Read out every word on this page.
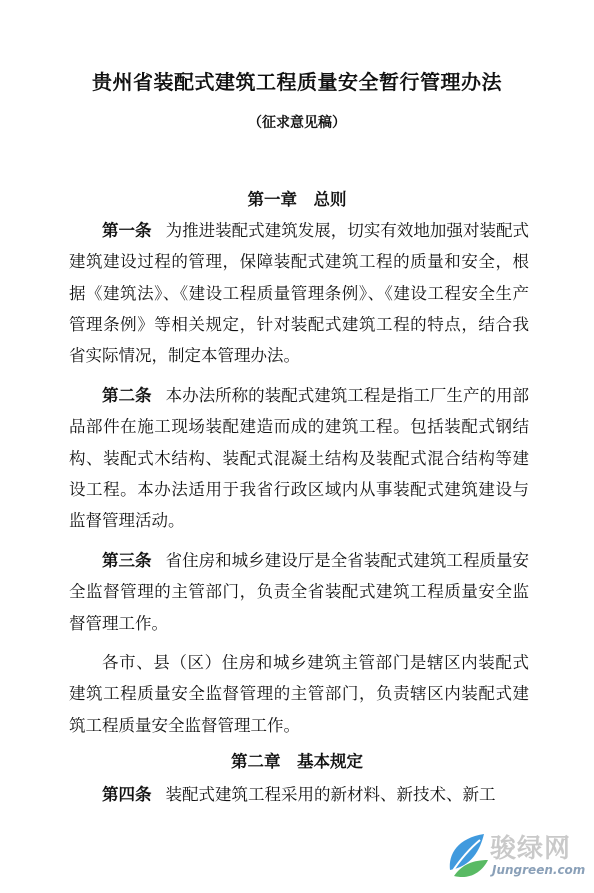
贵州省装配式建筑工程质量安全暂行管理办法
（征求意见稿）
第一章　总则

第一条 为推进装配式建筑发展，切实有效地加强对装配式建筑建设过程的管理，保障装配式建筑工程的质量和安全，根据《建筑法》、《建设工程质量管理条例》、《建设工程安全生产管理条例》等相关规定，针对装配式建筑工程的特点，结合我省实际情况，制定本管理办法。

第二条 本办法所称的装配式建筑工程是指工厂生产的用部品部件在施工现场装配建造而成的建筑工程。包括装配式钢结构、装配式木结构、装配式混凝土结构及装配式混合结构等建设工程。本办法适用于我省行政区域内从事装配式建筑建设与监督管理活动。

第三条 省住房和城乡建设厅是全省装配式建筑工程质量安全监督管理的主管部门，负责全省装配式建筑工程质量安全监督管理工作。

各市、县（区）住房和城乡建筑主管部门是辖区内装配式建筑工程质量安全监督管理的主管部门，负责辖区内装配式建筑工程质量安全监督管理工作。

第二章　基本规定

第四条 装配式建筑工程采用的新材料、新技术、新工

骏绿网
Jungreen.com
